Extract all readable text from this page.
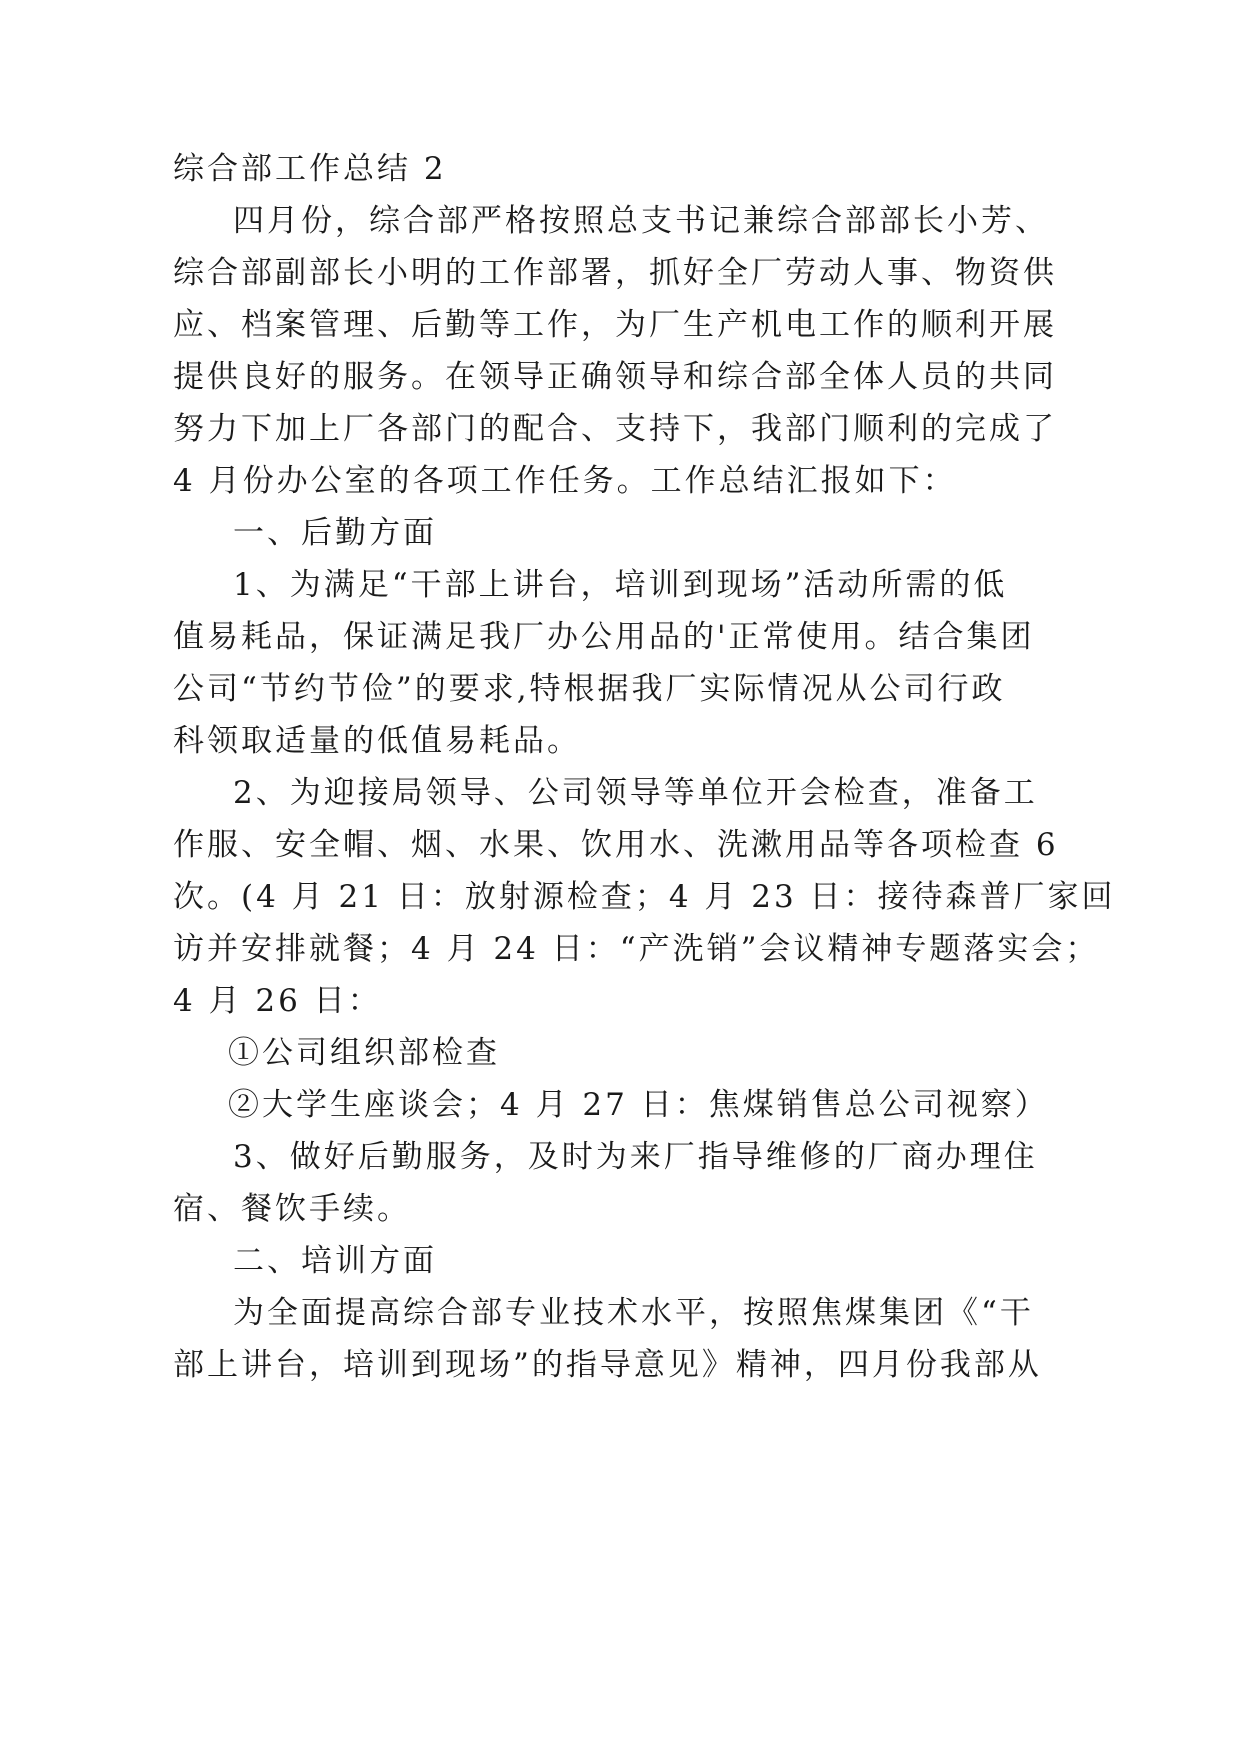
综合部工作总结 2
四月份，综合部严格按照总支书记兼综合部部长小芳、
综合部副部长小明的工作部署，抓好全厂劳动人事、物资供
应、档案管理、后勤等工作，为厂生产机电工作的顺利开展
提供良好的服务。在领导正确领导和综合部全体人员的共同
努力下加上厂各部门的配合、支持下，我部门顺利的完成了
4 月份办公室的各项工作任务。工作总结汇报如下：
一、后勤方面
1、为满足“干部上讲台，培训到现场”活动所需的低
值易耗品，保证满足我厂办公用品的'正常使用。结合集团
公司“节约节俭”的要求,特根据我厂实际情况从公司行政
科领取适量的低值易耗品。
2、为迎接局领导、公司领导等单位开会检查，准备工
作服、安全帽、烟、水果、饮用水、洗漱用品等各项检查 6
次。(4 月 21 日：放射源检查；4 月 23 日：接待森普厂家回
访并安排就餐；4 月 24 日：“产洗销”会议精神专题落实会；
4 月 26 日：
①公司组织部检查
②大学生座谈会；4 月 27 日：焦煤销售总公司视察）
3、做好后勤服务，及时为来厂指导维修的厂商办理住
宿、餐饮手续。
二、培训方面
为全面提高综合部专业技术水平，按照焦煤集团《“干
部上讲台，培训到现场”的指导意见》精神，四月份我部从
